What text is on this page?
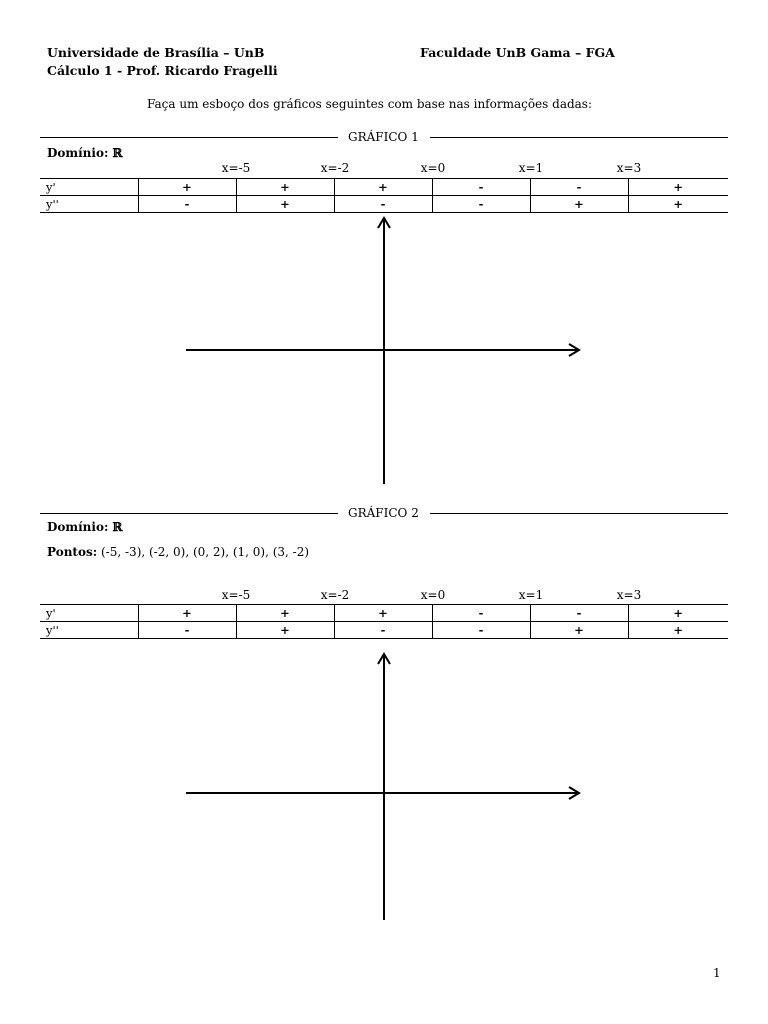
Universidade de Brasília – UnB
Cálculo 1 - Prof. Ricardo Fragelli
Faculdade UnB Gama – FGA
Faça um esboço dos gráficos seguintes com base nas informações dadas:
GRÁFICO 1
Domínio: ℝ
x=-5	x=-2	x=0	x=1	x=3
y'	+	+	+	-	-	+
y''	-	+	-	-	+	+
GRÁFICO 2
Domínio: ℝ
Pontos: (-5, -3), (-2, 0), (0, 2), (1, 0), (3, -2)
x=-5	x=-2	x=0	x=1	x=3
y'	+	+	+	-	-	+
y''	-	+	-	-	+	+
1
